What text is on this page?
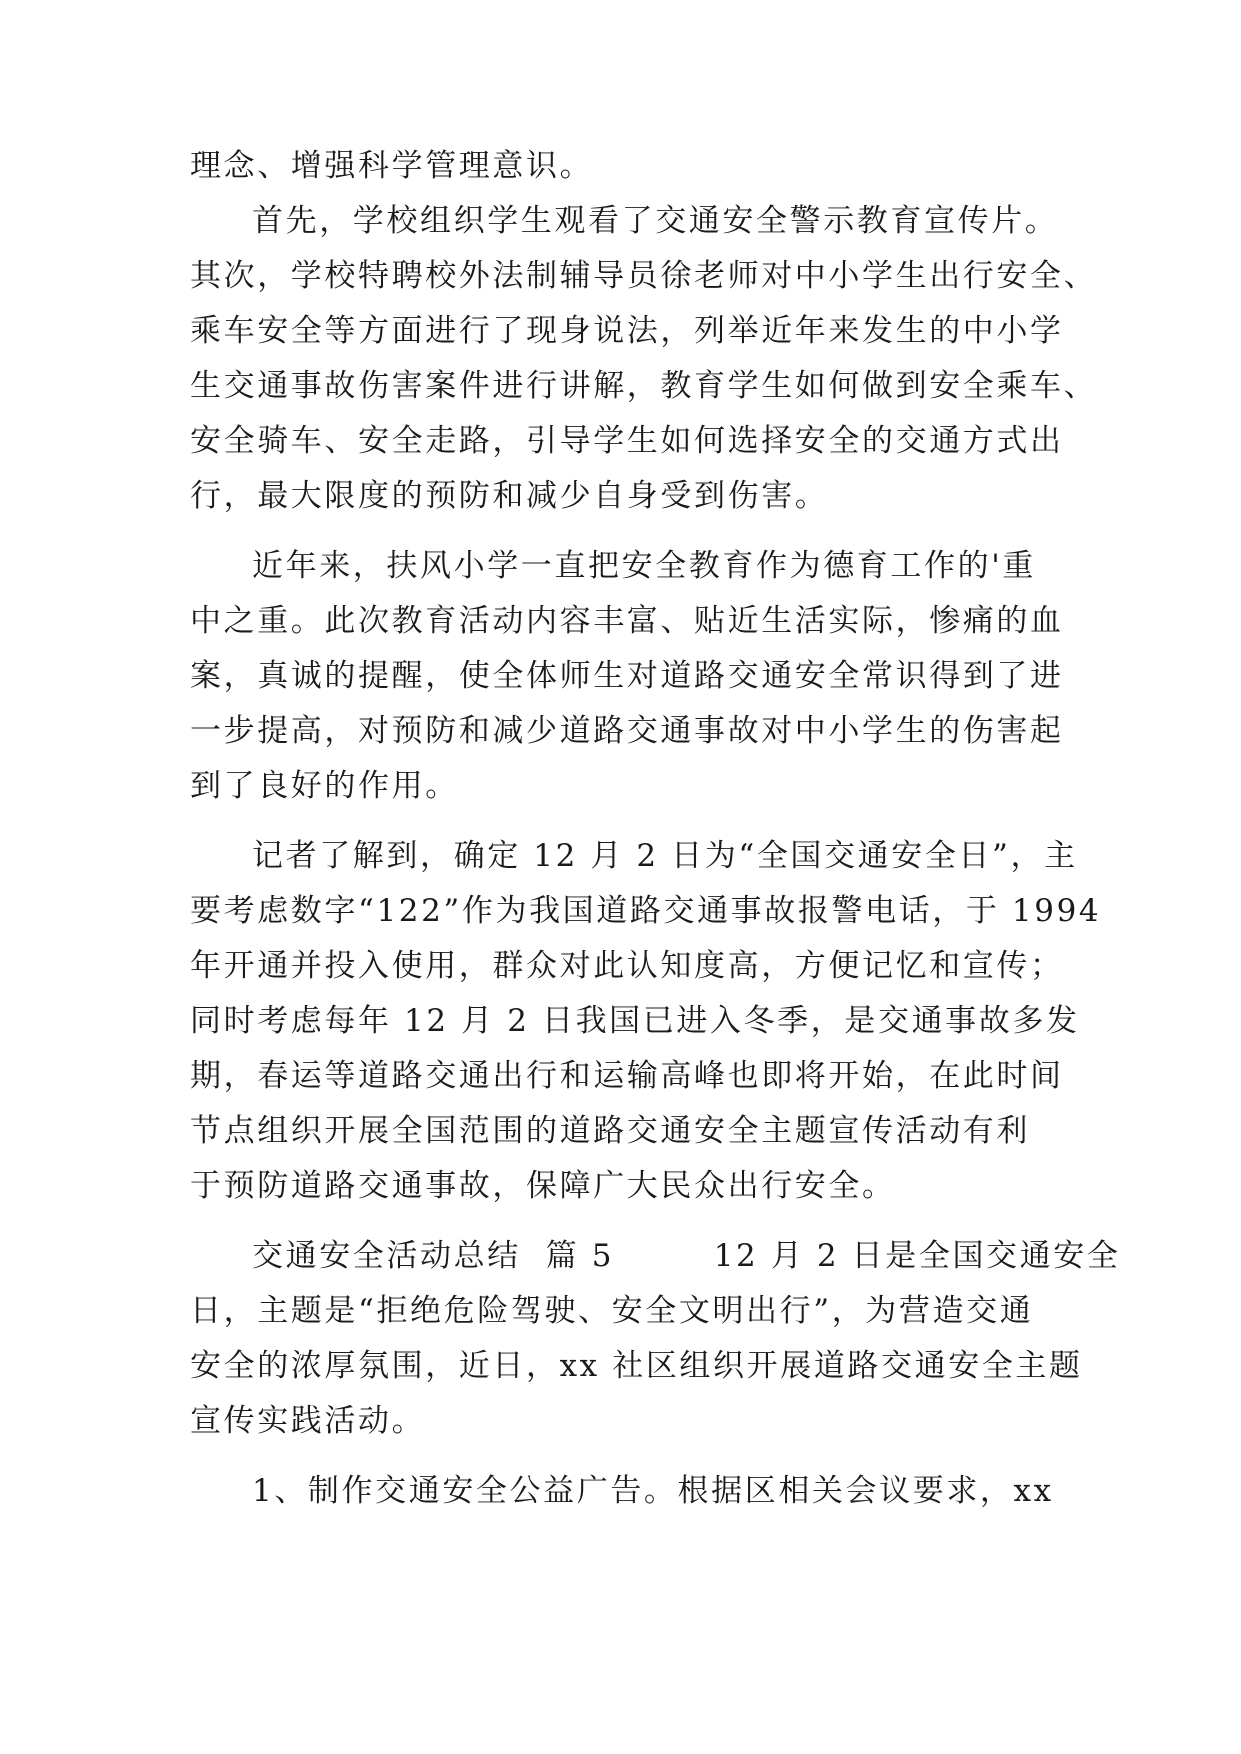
理念、增强科学管理意识。
首先，学校组织学生观看了交通安全警示教育宣传片。
其次，学校特聘校外法制辅导员徐老师对中小学生出行安全、
乘车安全等方面进行了现身说法，列举近年来发生的中小学
生交通事故伤害案件进行讲解，教育学生如何做到安全乘车、
安全骑车、安全走路，引导学生如何选择安全的交通方式出
行，最大限度的预防和减少自身受到伤害。
近年来，扶风小学一直把安全教育作为德育工作的'重
中之重。此次教育活动内容丰富、贴近生活实际，惨痛的血
案，真诚的提醒，使全体师生对道路交通安全常识得到了进
一步提高，对预防和减少道路交通事故对中小学生的伤害起
到了良好的作用。
记者了解到，确定 12 月 2 日为“全国交通安全日”，主
要考虑数字“122”作为我国道路交通事故报警电话，于 1994
年开通并投入使用，群众对此认知度高，方便记忆和宣传；
同时考虑每年 12 月 2 日我国已进入冬季，是交通事故多发
期，春运等道路交通出行和运输高峰也即将开始，在此时间
节点组织开展全国范围的道路交通安全主题宣传活动有利
于预防道路交通事故，保障广大民众出行安全。
交通安全活动总结  篇 5        12 月 2 日是全国交通安全
日，主题是“拒绝危险驾驶、安全文明出行”，为营造交通
安全的浓厚氛围，近日，xx 社区组织开展道路交通安全主题
宣传实践活动。
1、制作交通安全公益广告。根据区相关会议要求，xx
